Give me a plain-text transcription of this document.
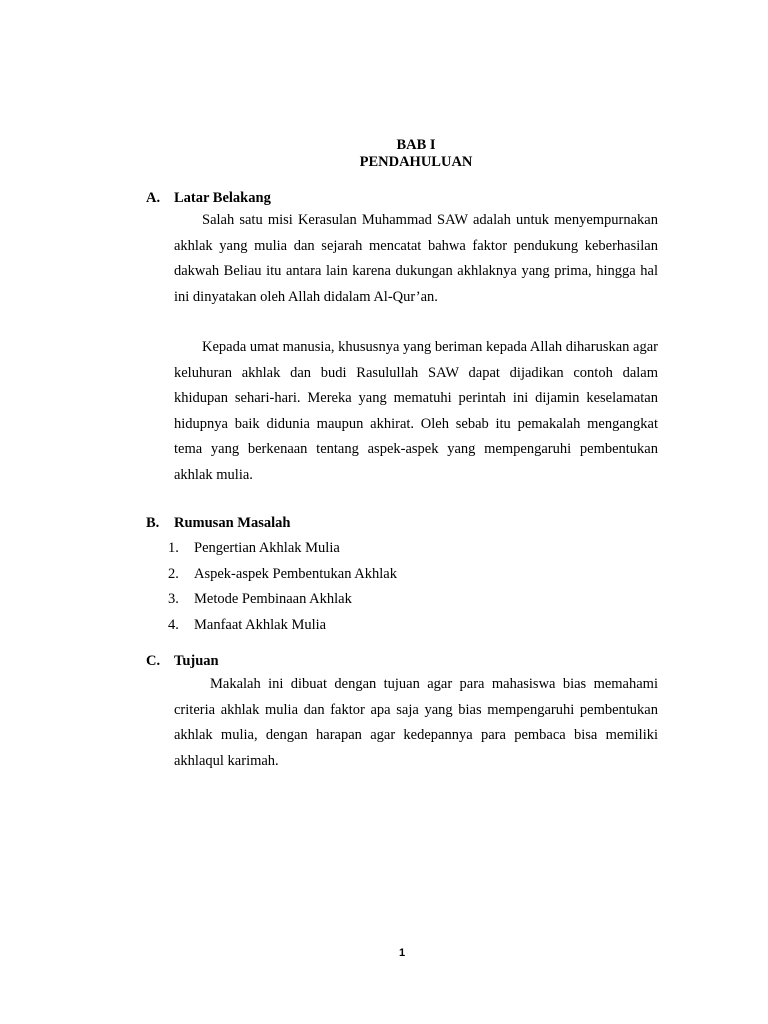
BAB I
PENDAHULUAN
A. Latar Belakang

Salah satu misi Kerasulan Muhammad SAW adalah untuk menyempurnakan akhlak yang mulia dan sejarah mencatat bahwa faktor pendukung keberhasilan dakwah Beliau itu antara lain karena dukungan akhlaknya yang prima, hingga hal ini dinyatakan oleh Allah didalam Al-Qur’an.

Kepada umat manusia, khususnya yang beriman kepada Allah diharuskan agar keluhuran akhlak dan budi Rasulullah SAW dapat dijadikan contoh dalam khidupan sehari-hari. Mereka yang mematuhi perintah ini dijamin keselamatan hidupnya baik didunia maupun akhirat. Oleh sebab itu pemakalah mengangkat tema yang berkenaan tentang aspek-aspek yang mempengaruhi pembentukan akhlak mulia.

B. Rumusan Masalah
1. Pengertian Akhlak Mulia
2. Aspek-aspek Pembentukan Akhlak
3. Metode Pembinaan Akhlak
4. Manfaat Akhlak Mulia
C. Tujuan

Makalah ini dibuat dengan tujuan agar para mahasiswa bias memahami criteria akhlak mulia dan faktor apa saja yang bias mempengaruhi pembentukan akhlak mulia, dengan harapan agar kedepannya para pembaca bisa memiliki akhlaqul karimah.

1
